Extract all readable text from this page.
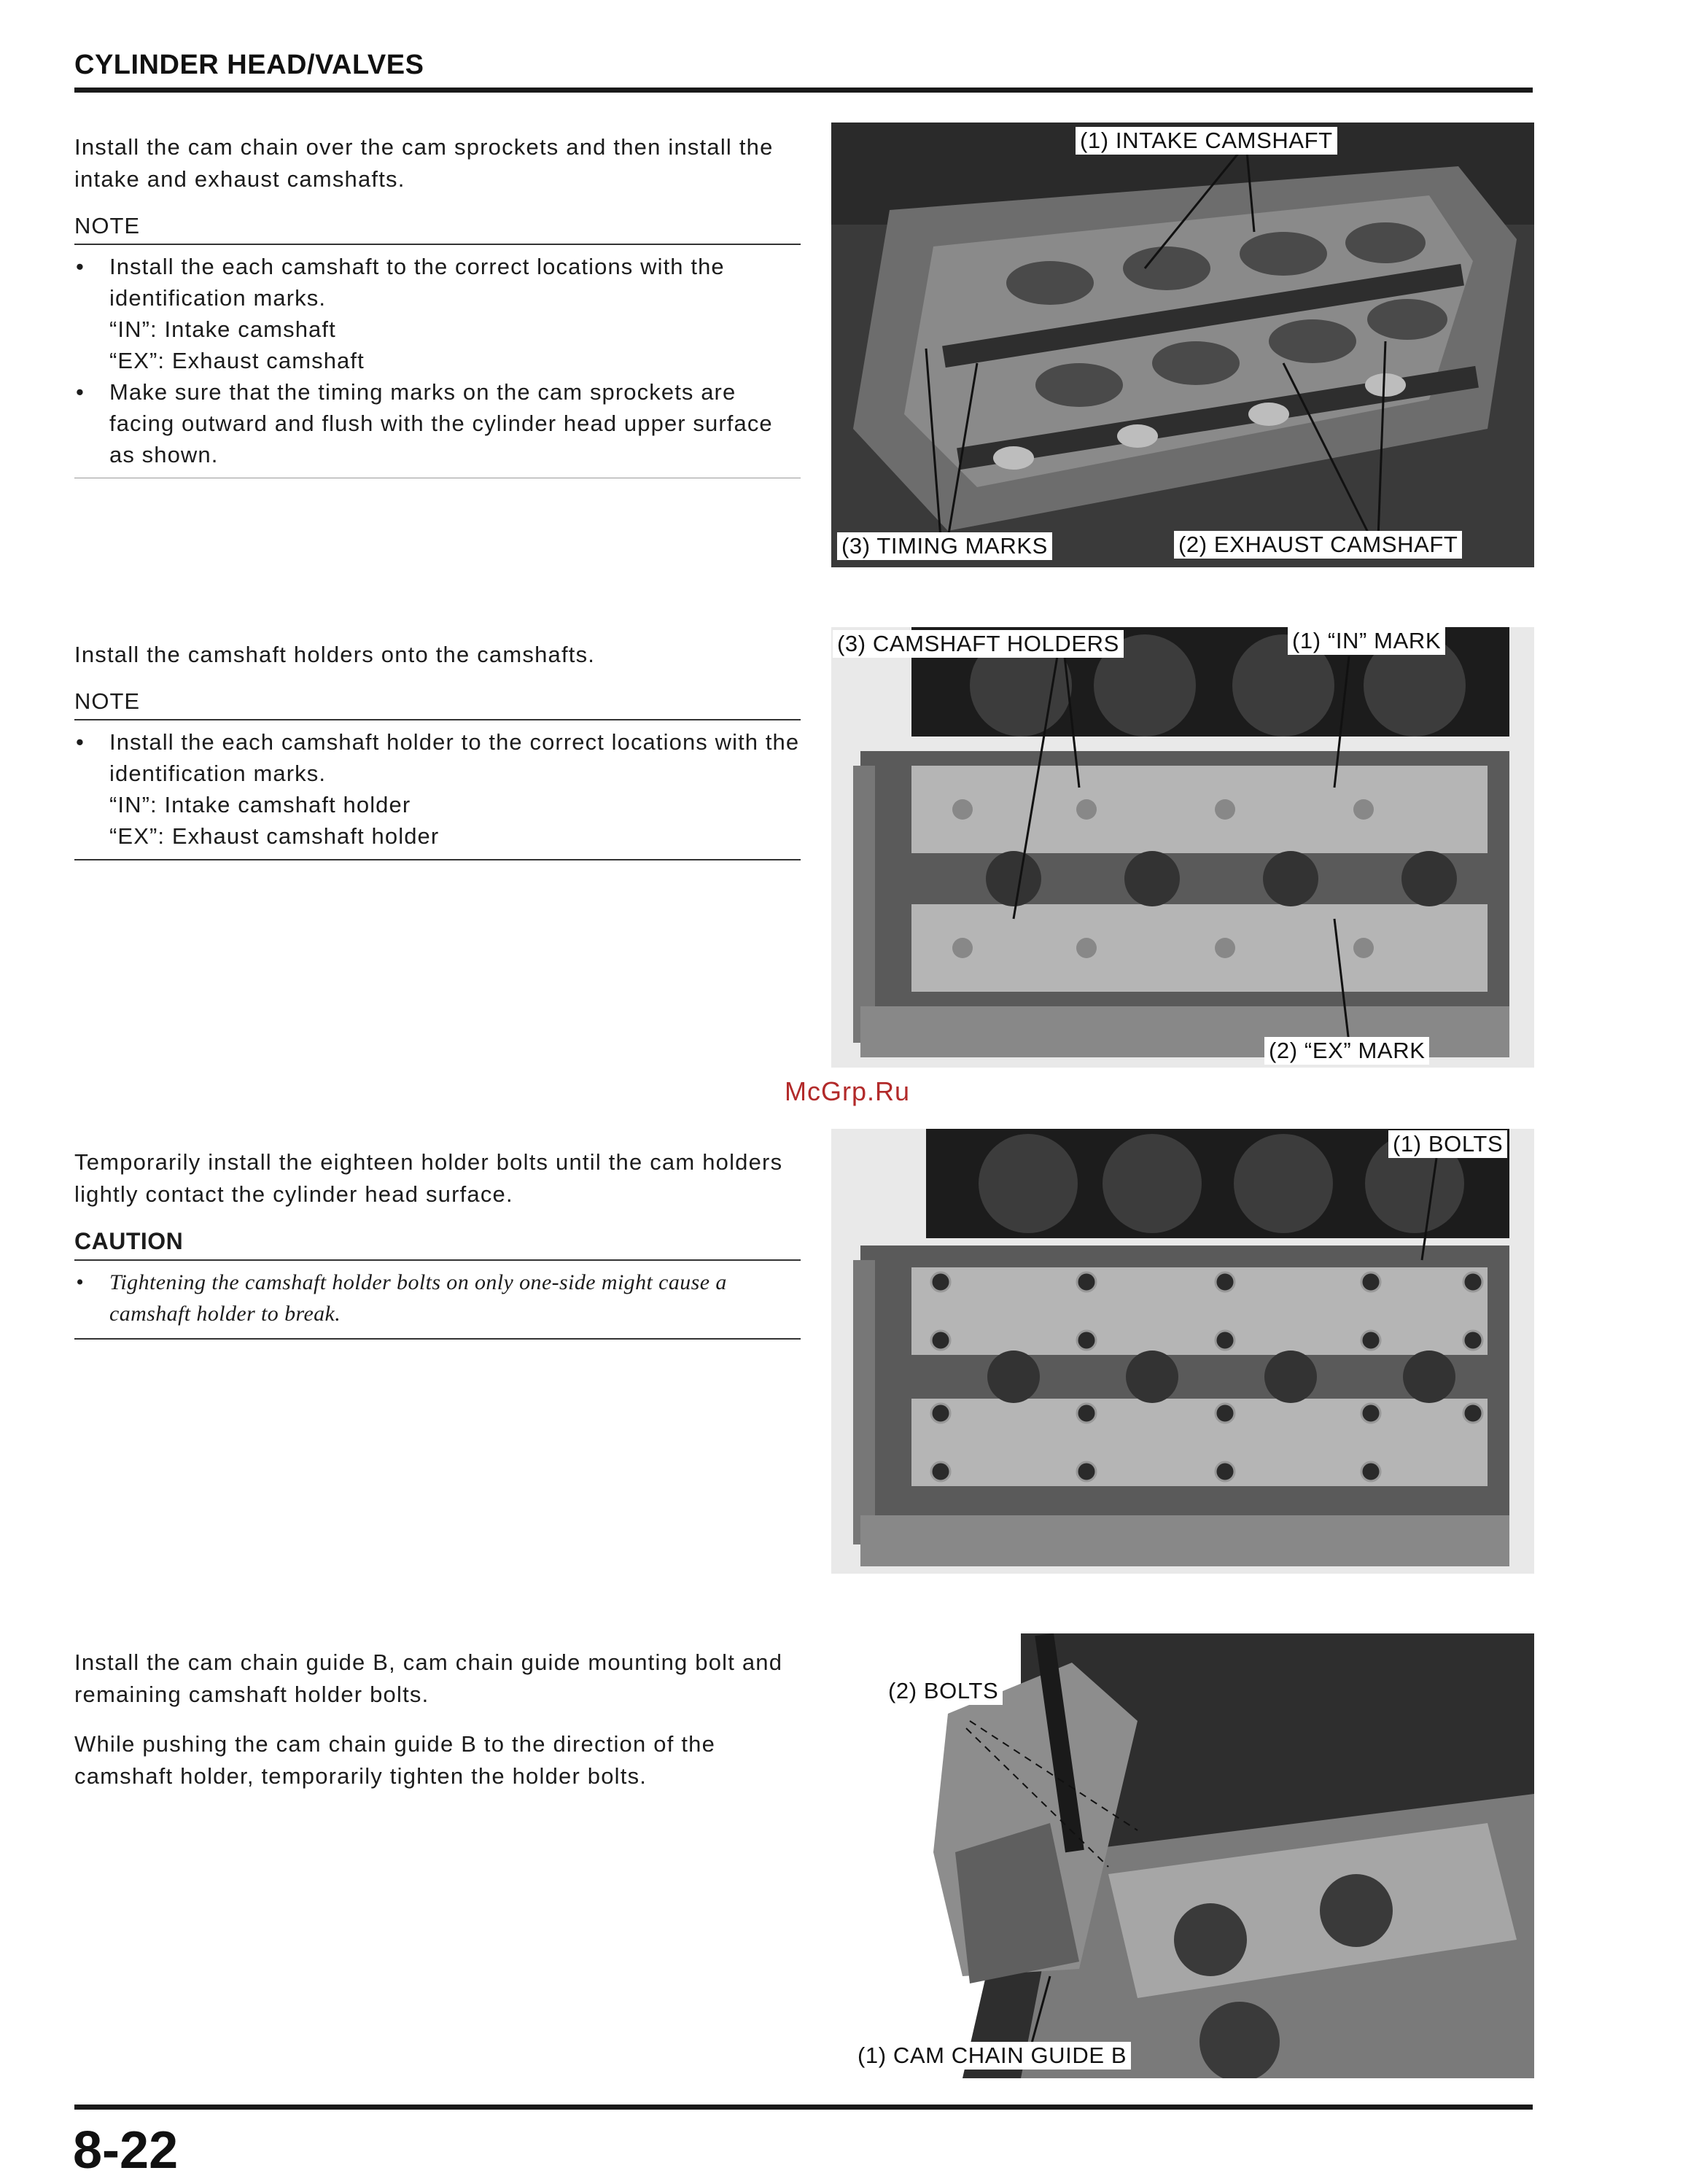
CYLINDER HEAD/VALVES

Install the cam chain over the cam sprockets and then install the intake and exhaust camshafts.

NOTE
• Install the each camshaft to the correct locations with the identification marks.
“IN”: Intake camshaft
“EX”: Exhaust camshaft
• Make sure that the timing marks on the cam sprockets are facing outward and flush with the cylinder head upper surface as shown.
(1) INTAKE CAMSHAFT
(3) TIMING MARKS	(2) EXHAUST CAMSHAFT

Install the camshaft holders onto the camshafts.

NOTE
• Install the each camshaft holder to the correct locations with the identification marks.
“IN”: Intake camshaft holder
“EX”: Exhaust camshaft holder
(3) CAMSHAFT HOLDERS	(1) “IN” MARK
(2) “EX” MARK
McGrp.Ru

Temporarily install the eighteen holder bolts until the cam holders lightly contact the cylinder head surface.

CAUTION
• Tightening the camshaft holder bolts on only one-side might cause a camshaft holder to break.
(1) BOLTS

Install the cam chain guide B, cam chain guide mounting bolt and remaining camshaft holder bolts.

While pushing the cam chain guide B to the direction of the camshaft holder, temporarily tighten the holder bolts.

(2) BOLTS
(1) CAM CHAIN GUIDE B
8-22
